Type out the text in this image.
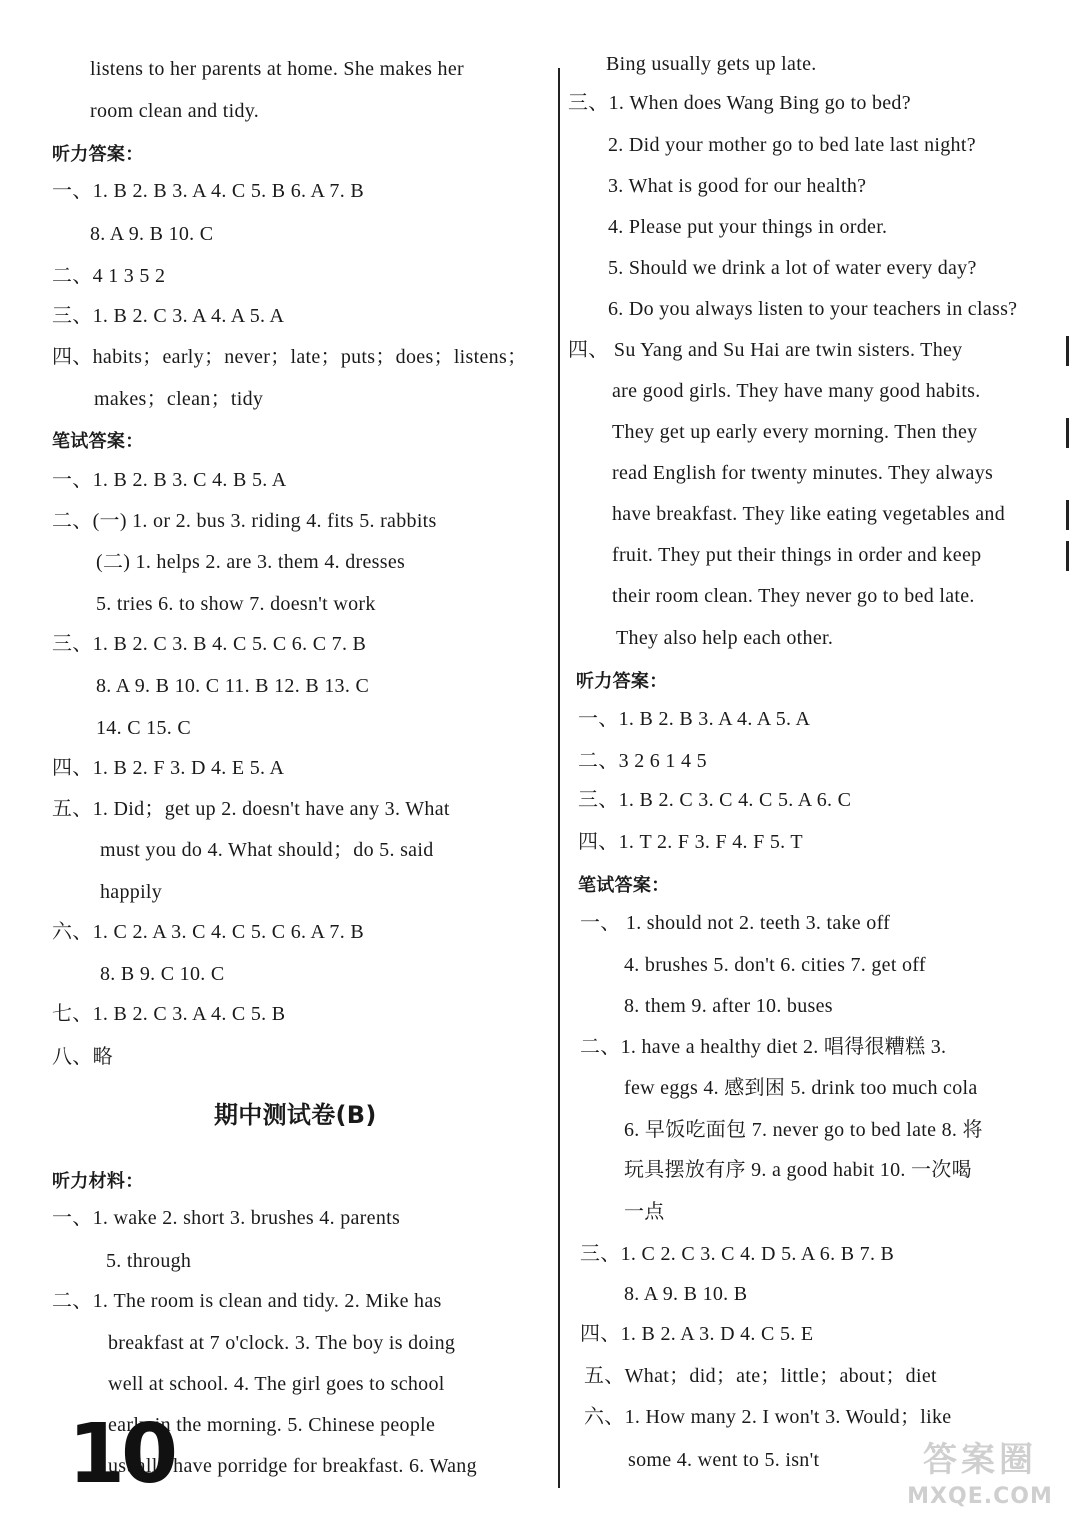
listens to her parents at home. She makes her
room clean and tidy.
听力答案：
一、1. B 2. B 3. A 4. C 5. B 6. A 7. B
8. A 9. B 10. C
二、4 1 3 5 2
三、1. B 2. C 3. A 4. A 5. A
四、habits；early；never；late；puts；does；listens；
makes；clean；tidy
笔试答案：
一、1. B 2. B 3. C 4. B 5. A
二、(一) 1. or 2. bus 3. riding 4. fits 5. rabbits
(二) 1. helps 2. are 3. them 4. dresses
5. tries 6. to show 7. doesn't work
三、1. B 2. C 3. B 4. C 5. C 6. C 7. B
8. A 9. B 10. C 11. B 12. B 13. C
14. C 15. C
四、1. B 2. F 3. D 4. E 5. A
五、1. Did；get up 2. doesn't have any 3. What
must you do 4. What should；do 5. said
happily
六、1. C 2. A 3. C 4. C 5. C 6. A 7. B
8. B 9. C 10. C
七、1. B 2. C 3. A 4. C 5. B
八、略
期中测试卷(B)
听力材料：
一、1. wake 2. short 3. brushes 4. parents
5. through
二、1. The room is clean and tidy. 2. Mike has
breakfast at 7 o'clock. 3. The boy is doing
well at school. 4. The girl goes to school
early in the morning. 5. Chinese people
usually have porridge for breakfast. 6. Wang
Bing usually gets up late.
三、1. When does Wang Bing go to bed?
2. Did your mother go to bed late last night?
3. What is good for our health?
4. Please put your things in order.
5. Should we drink a lot of water every day?
6. Do you always listen to your teachers in class?
四、 Su Yang and Su Hai are twin sisters. They
are good girls. They have many good habits.
They get up early every morning. Then they
read English for twenty minutes. They always
have breakfast. They like eating vegetables and
fruit. They put their things in order and keep
their room clean. They never go to bed late.
They also help each other.
听力答案：
一、1. B 2. B 3. A 4. A 5. A
二、3 2 6 1 4 5
三、1. B 2. C 3. C 4. C 5. A 6. C
四、1. T 2. F 3. F 4. F 5. T
笔试答案：
一、 1. should not 2. teeth 3. take off
4. brushes 5. don't 6. cities 7. get off
8. them 9. after 10. buses
二、1. have a healthy diet 2. 唱得很糟糕 3.
few eggs 4. 感到困 5. drink too much cola
6. 早饭吃面包 7. never go to bed late 8. 将
玩具摆放有序 9. a good habit 10. 一次喝
一点
三、1. C 2. C 3. C 4. D 5. A 6. B 7. B
8. A 9. B 10. B
四、1. B 2. A 3. D 4. C 5. E
五、What；did；ate；little；about；diet
六、1. How many 2. I won't 3. Would；like
some 4. went to 5. isn't
10	答案圈
MXQE.COM
